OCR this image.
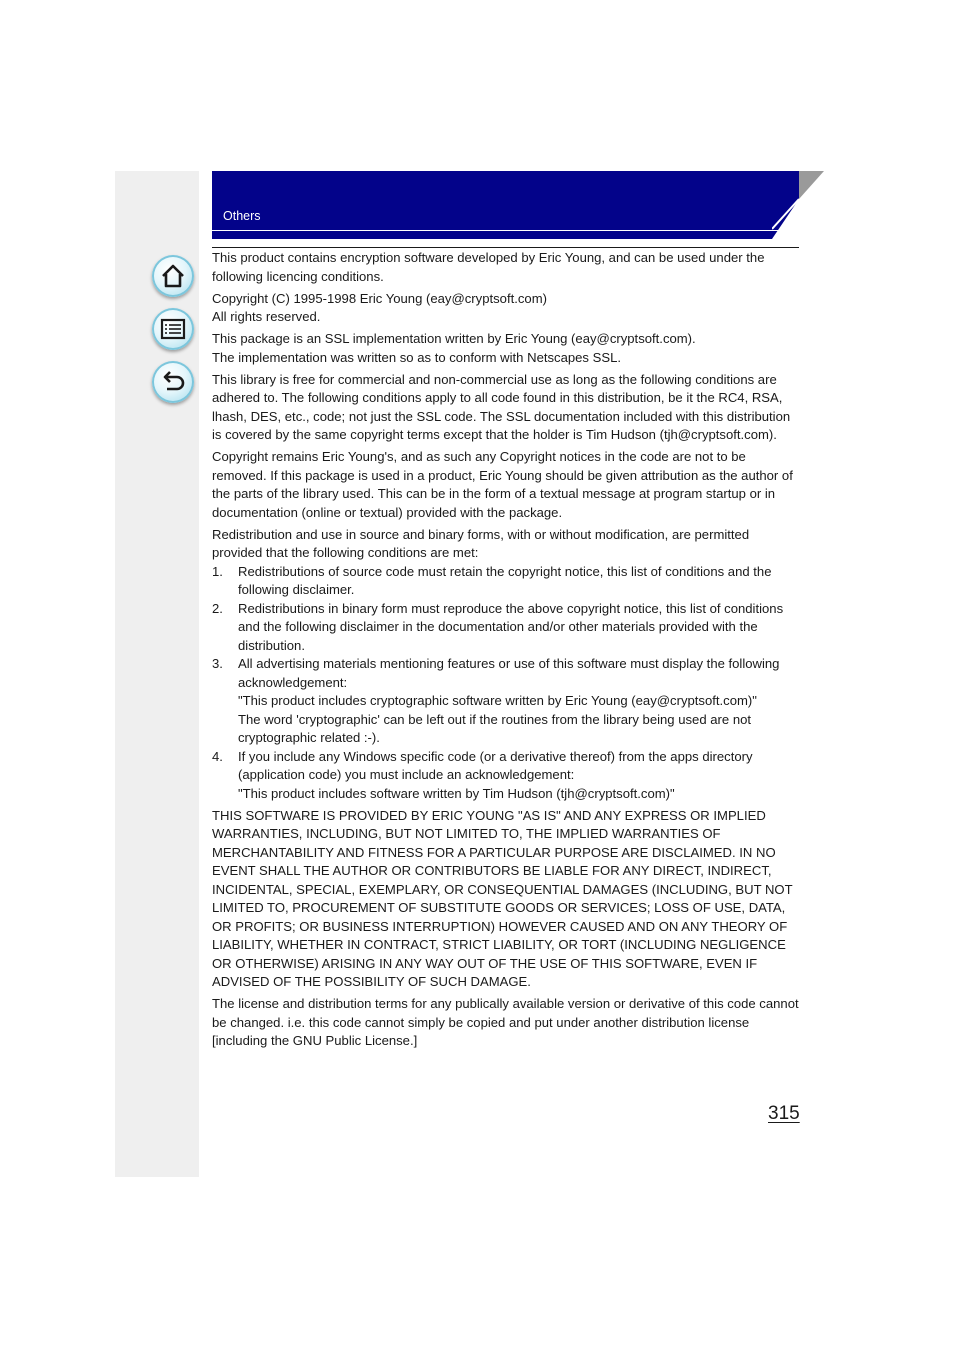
Others

This product contains encryption software developed by Eric Young, and can be used under the following licencing conditions.

Copyright (C) 1995-1998 Eric Young (eay@cryptsoft.com)
All rights reserved.

This package is an SSL implementation written by Eric Young (eay@cryptsoft.com).
The implementation was written so as to conform with Netscapes SSL.

This library is free for commercial and non-commercial use as long as the following conditions are adhered to. The following conditions apply to all code found in this distribution, be it the RC4, RSA, lhash, DES, etc., code; not just the SSL code. The SSL documentation included with this distribution is covered by the same copyright terms except that the holder is Tim Hudson (tjh@cryptsoft.com).

Copyright remains Eric Young's, and as such any Copyright notices in the code are not to be removed. If this package is used in a product, Eric Young should be given attribution as the author of the parts of the library used. This can be in the form of a textual message at program startup or in documentation (online or textual) provided with the package.

Redistribution and use in source and binary forms, with or without modification, are permitted provided that the following conditions are met:

1. Redistributions of source code must retain the copyright notice, this list of conditions and the following disclaimer.
2. Redistributions in binary form must reproduce the above copyright notice, this list of conditions and the following disclaimer in the documentation and/or other materials provided with the distribution.
3. All advertising materials mentioning features or use of this software must display the following acknowledgement:
"This product includes cryptographic software written by Eric Young (eay@cryptsoft.com)"
The word 'cryptographic' can be left out if the routines from the library being used are not cryptographic related :-).
4. If you include any Windows specific code (or a derivative thereof) from the apps directory (application code) you must include an acknowledgement:
"This product includes software written by Tim Hudson (tjh@cryptsoft.com)"

THIS SOFTWARE IS PROVIDED BY ERIC YOUNG "AS IS" AND ANY EXPRESS OR IMPLIED WARRANTIES, INCLUDING, BUT NOT LIMITED TO, THE IMPLIED WARRANTIES OF MERCHANTABILITY AND FITNESS FOR A PARTICULAR PURPOSE ARE DISCLAIMED. IN NO EVENT SHALL THE AUTHOR OR CONTRIBUTORS BE LIABLE FOR ANY DIRECT, INDIRECT, INCIDENTAL, SPECIAL, EXEMPLARY, OR CONSEQUENTIAL DAMAGES (INCLUDING, BUT NOT LIMITED TO, PROCUREMENT OF SUBSTITUTE GOODS OR SERVICES; LOSS OF USE, DATA, OR PROFITS; OR BUSINESS INTERRUPTION) HOWEVER CAUSED AND ON ANY THEORY OF LIABILITY, WHETHER IN CONTRACT, STRICT LIABILITY, OR TORT (INCLUDING NEGLIGENCE OR OTHERWISE) ARISING IN ANY WAY OUT OF THE USE OF THIS SOFTWARE, EVEN IF ADVISED OF THE POSSIBILITY OF SUCH DAMAGE.

The license and distribution terms for any publically available version or derivative of this code cannot be changed. i.e. this code cannot simply be copied and put under another distribution license [including the GNU Public License.]

315
